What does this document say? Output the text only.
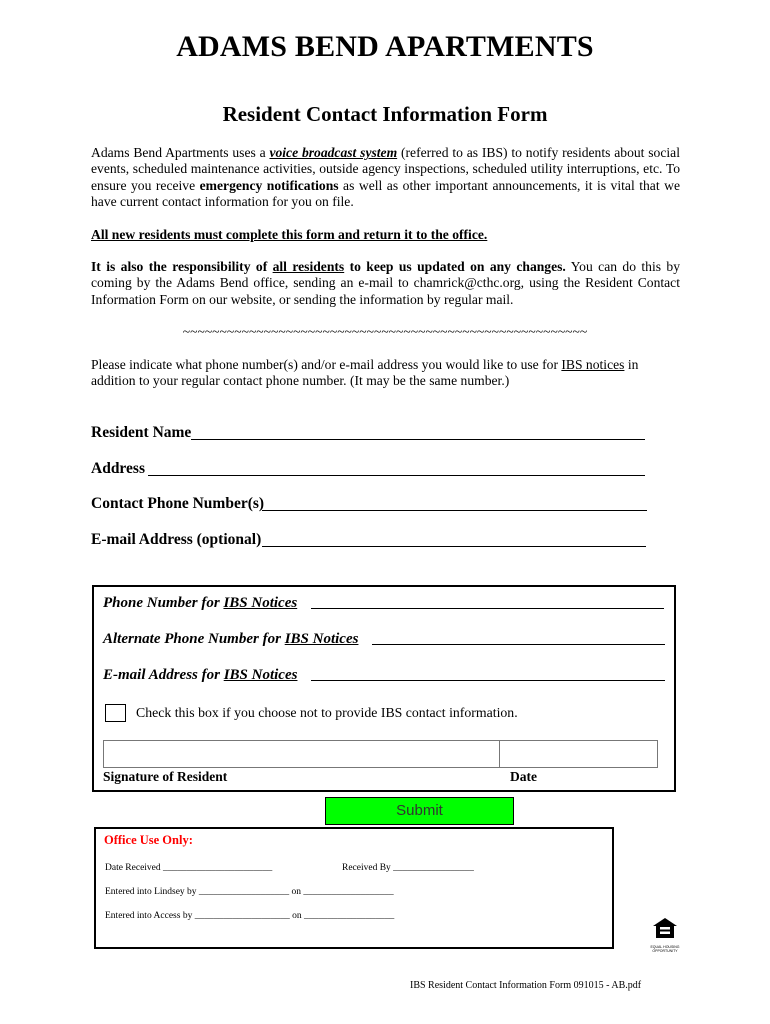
ADAMS BEND APARTMENTS
Resident Contact Information Form
Adams Bend Apartments uses a voice broadcast system (referred to as IBS) to notify residents about social events, scheduled maintenance activities, outside agency inspections, scheduled utility interruptions, etc. To ensure you receive emergency notifications as well as other important announcements, it is vital that we have current contact information for you on file.
All new residents must complete this form and return it to the office.
It is also the responsibility of all residents to keep us updated on any changes. You can do this by coming by the Adams Bend office, sending an e-mail to chamrick@cthc.org, using the Resident Contact Information Form on our website, or sending the information by regular mail.
~~~~~~~~~~~~~~~~~~~~~~~~~~~~~~~~~~~~~~~~~~~~~~~~~~~~~~~
Please indicate what phone number(s) and/or e-mail address you would like to use for IBS notices in addition to your regular contact phone number. (It may be the same number.)
Resident Name
Address
Contact Phone Number(s)
E-mail Address (optional)
Phone Number for IBS Notices
Alternate Phone Number for IBS Notices
E-mail Address for IBS Notices
Check this box if you choose not to provide IBS contact information.
Signature of Resident	Date
Submit
Office Use Only:
Date Received _______________________	Received By _________________
Entered into Lindsey by ___________________ on ___________________
Entered into Access by ____________________ on ___________________
EQUAL HOUSING
OPPORTUNITY
IBS Resident Contact Information Form 091015 - AB.pdf
